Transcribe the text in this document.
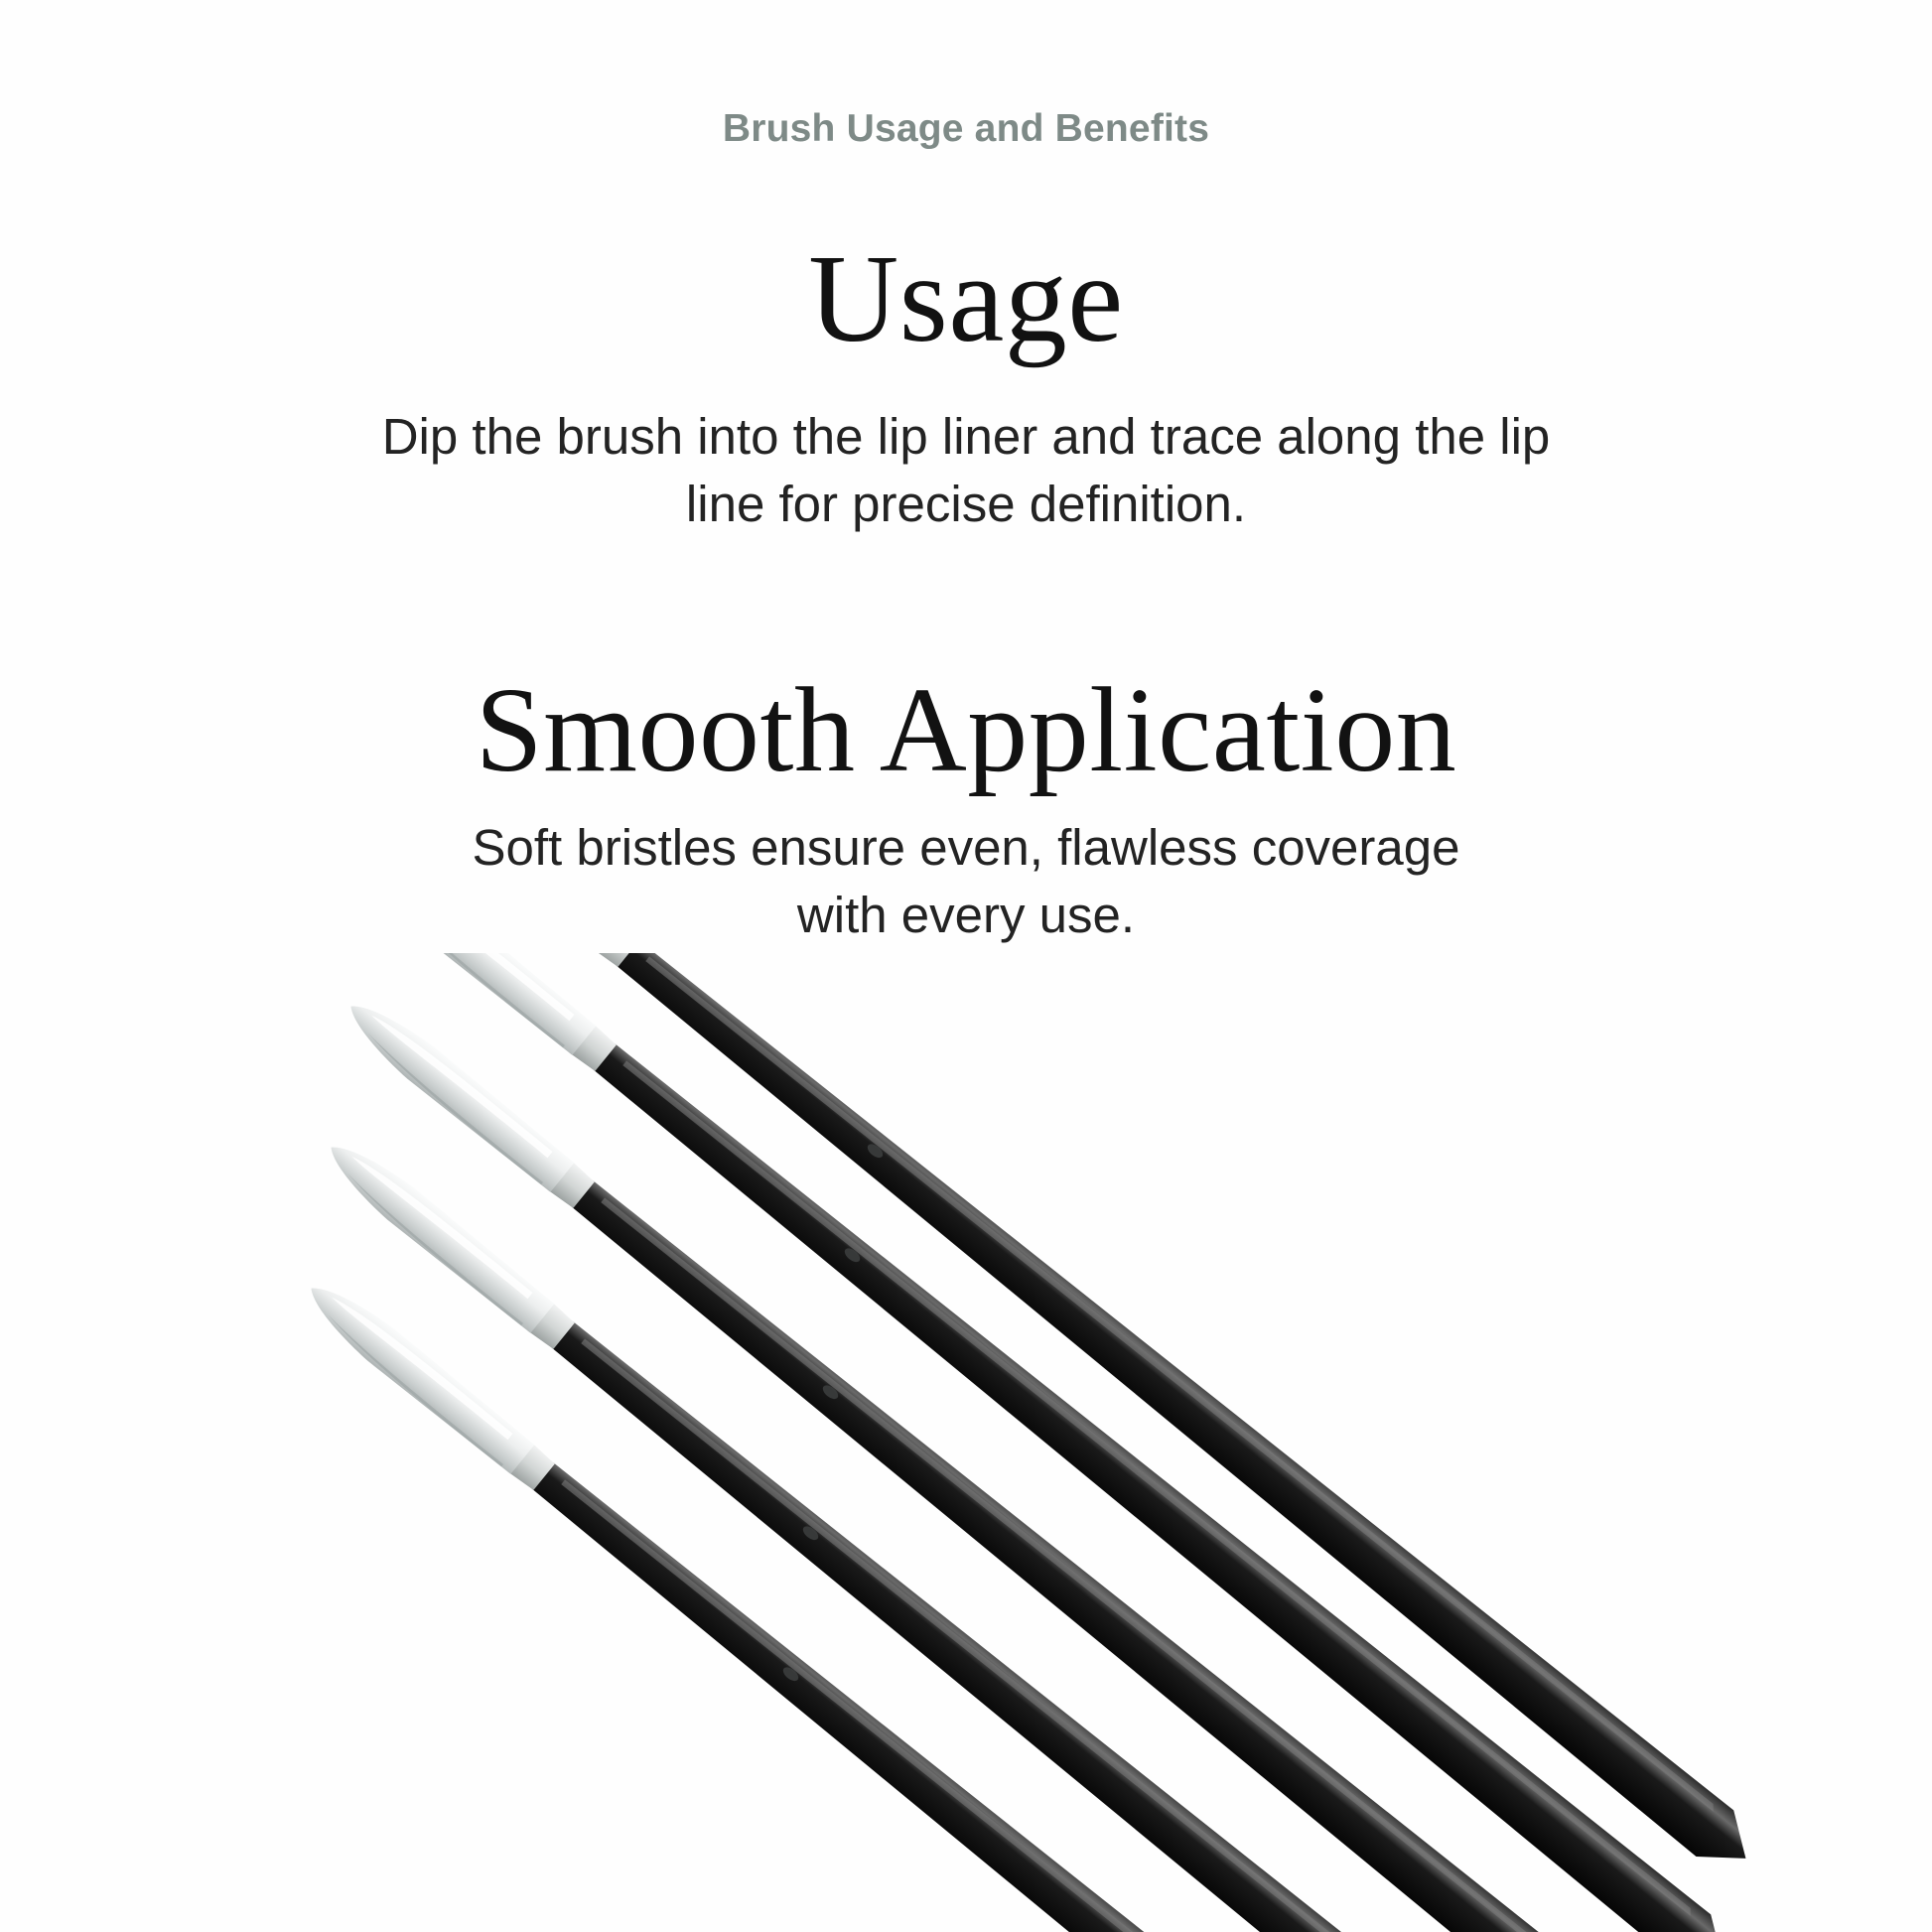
Brush Usage and Benefits
Usage

Dip the brush into the lip liner and trace along the lip line for precise definition.

Smooth Application

Soft bristles ensure even, flawless coverage with every use.
